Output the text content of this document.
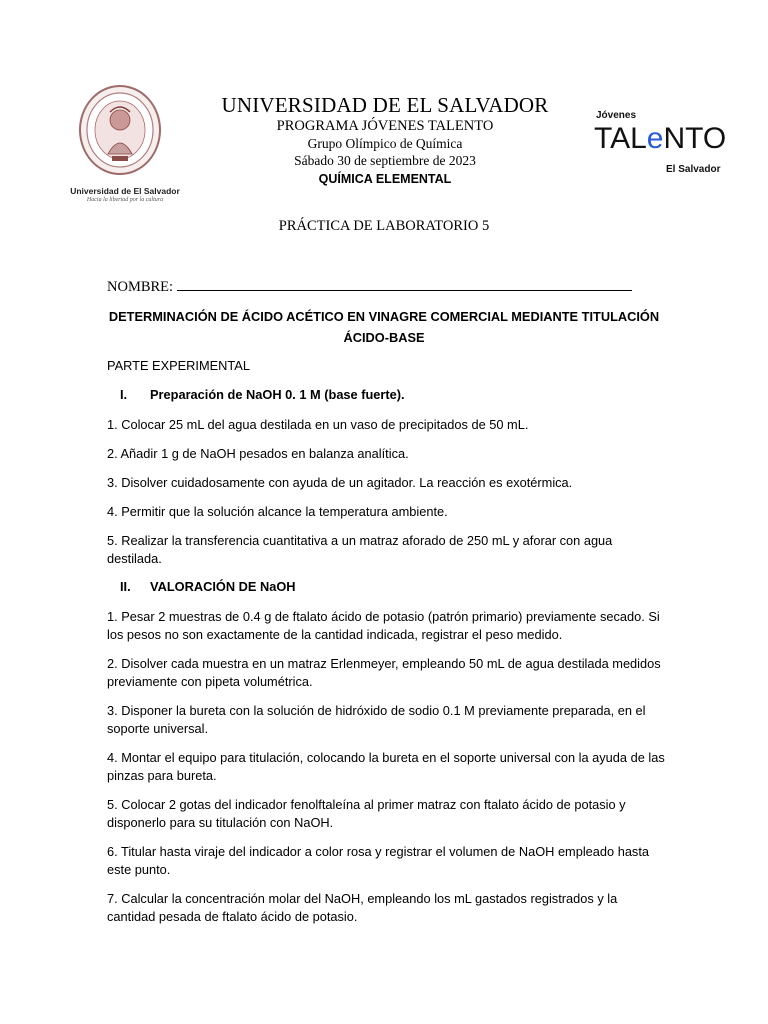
Universidad de El Salvador
Hacia la libertad por la cultura
UNIVERSIDAD DE EL SALVADOR
PROGRAMA JÓVENES TALENTO
Grupo Olímpico de Química
Sábado 30 de septiembre de 2023
QUÍMICA ELEMENTAL
Jóvenes
TALeNTO
El Salvador
PRÁCTICA DE LABORATORIO 5
NOMBRE:
DETERMINACIÓN DE ÁCIDO ACÉTICO EN VINAGRE COMERCIAL MEDIANTE TITULACIÓN ÁCIDO-BASE
PARTE EXPERIMENTAL
I.	Preparación de NaOH 0. 1 M (base fuerte).
1. Colocar 25 mL del agua destilada en un vaso de precipitados de 50 mL.
2. Añadir 1 g de NaOH pesados en balanza analítica.
3. Disolver cuidadosamente con ayuda de un agitador. La reacción es exotérmica.
4. Permitir que la solución alcance la temperatura ambiente.
5. Realizar la transferencia cuantitativa a un matraz aforado de 250 mL y aforar con agua destilada.
II.	VALORACIÓN DE NaOH
1. Pesar 2 muestras de 0.4 g de ftalato ácido de potasio (patrón primario) previamente secado. Si los pesos no son exactamente de la cantidad indicada, registrar el peso medido.
2. Disolver cada muestra en un matraz Erlenmeyer, empleando 50 mL de agua destilada medidos previamente con pipeta volumétrica.
3. Disponer la bureta con la solución de hidróxido de sodio 0.1 M previamente preparada, en el soporte universal.
4. Montar el equipo para titulación, colocando la bureta en el soporte universal con la ayuda de las pinzas para bureta.
5. Colocar 2 gotas del indicador fenolftaleína al primer matraz con ftalato ácido de potasio y disponerlo para su titulación con NaOH.
6. Titular hasta viraje del indicador a color rosa y registrar el volumen de NaOH empleado hasta este punto.
7. Calcular la concentración molar del NaOH, empleando los mL gastados registrados y la cantidad pesada de ftalato ácido de potasio.
